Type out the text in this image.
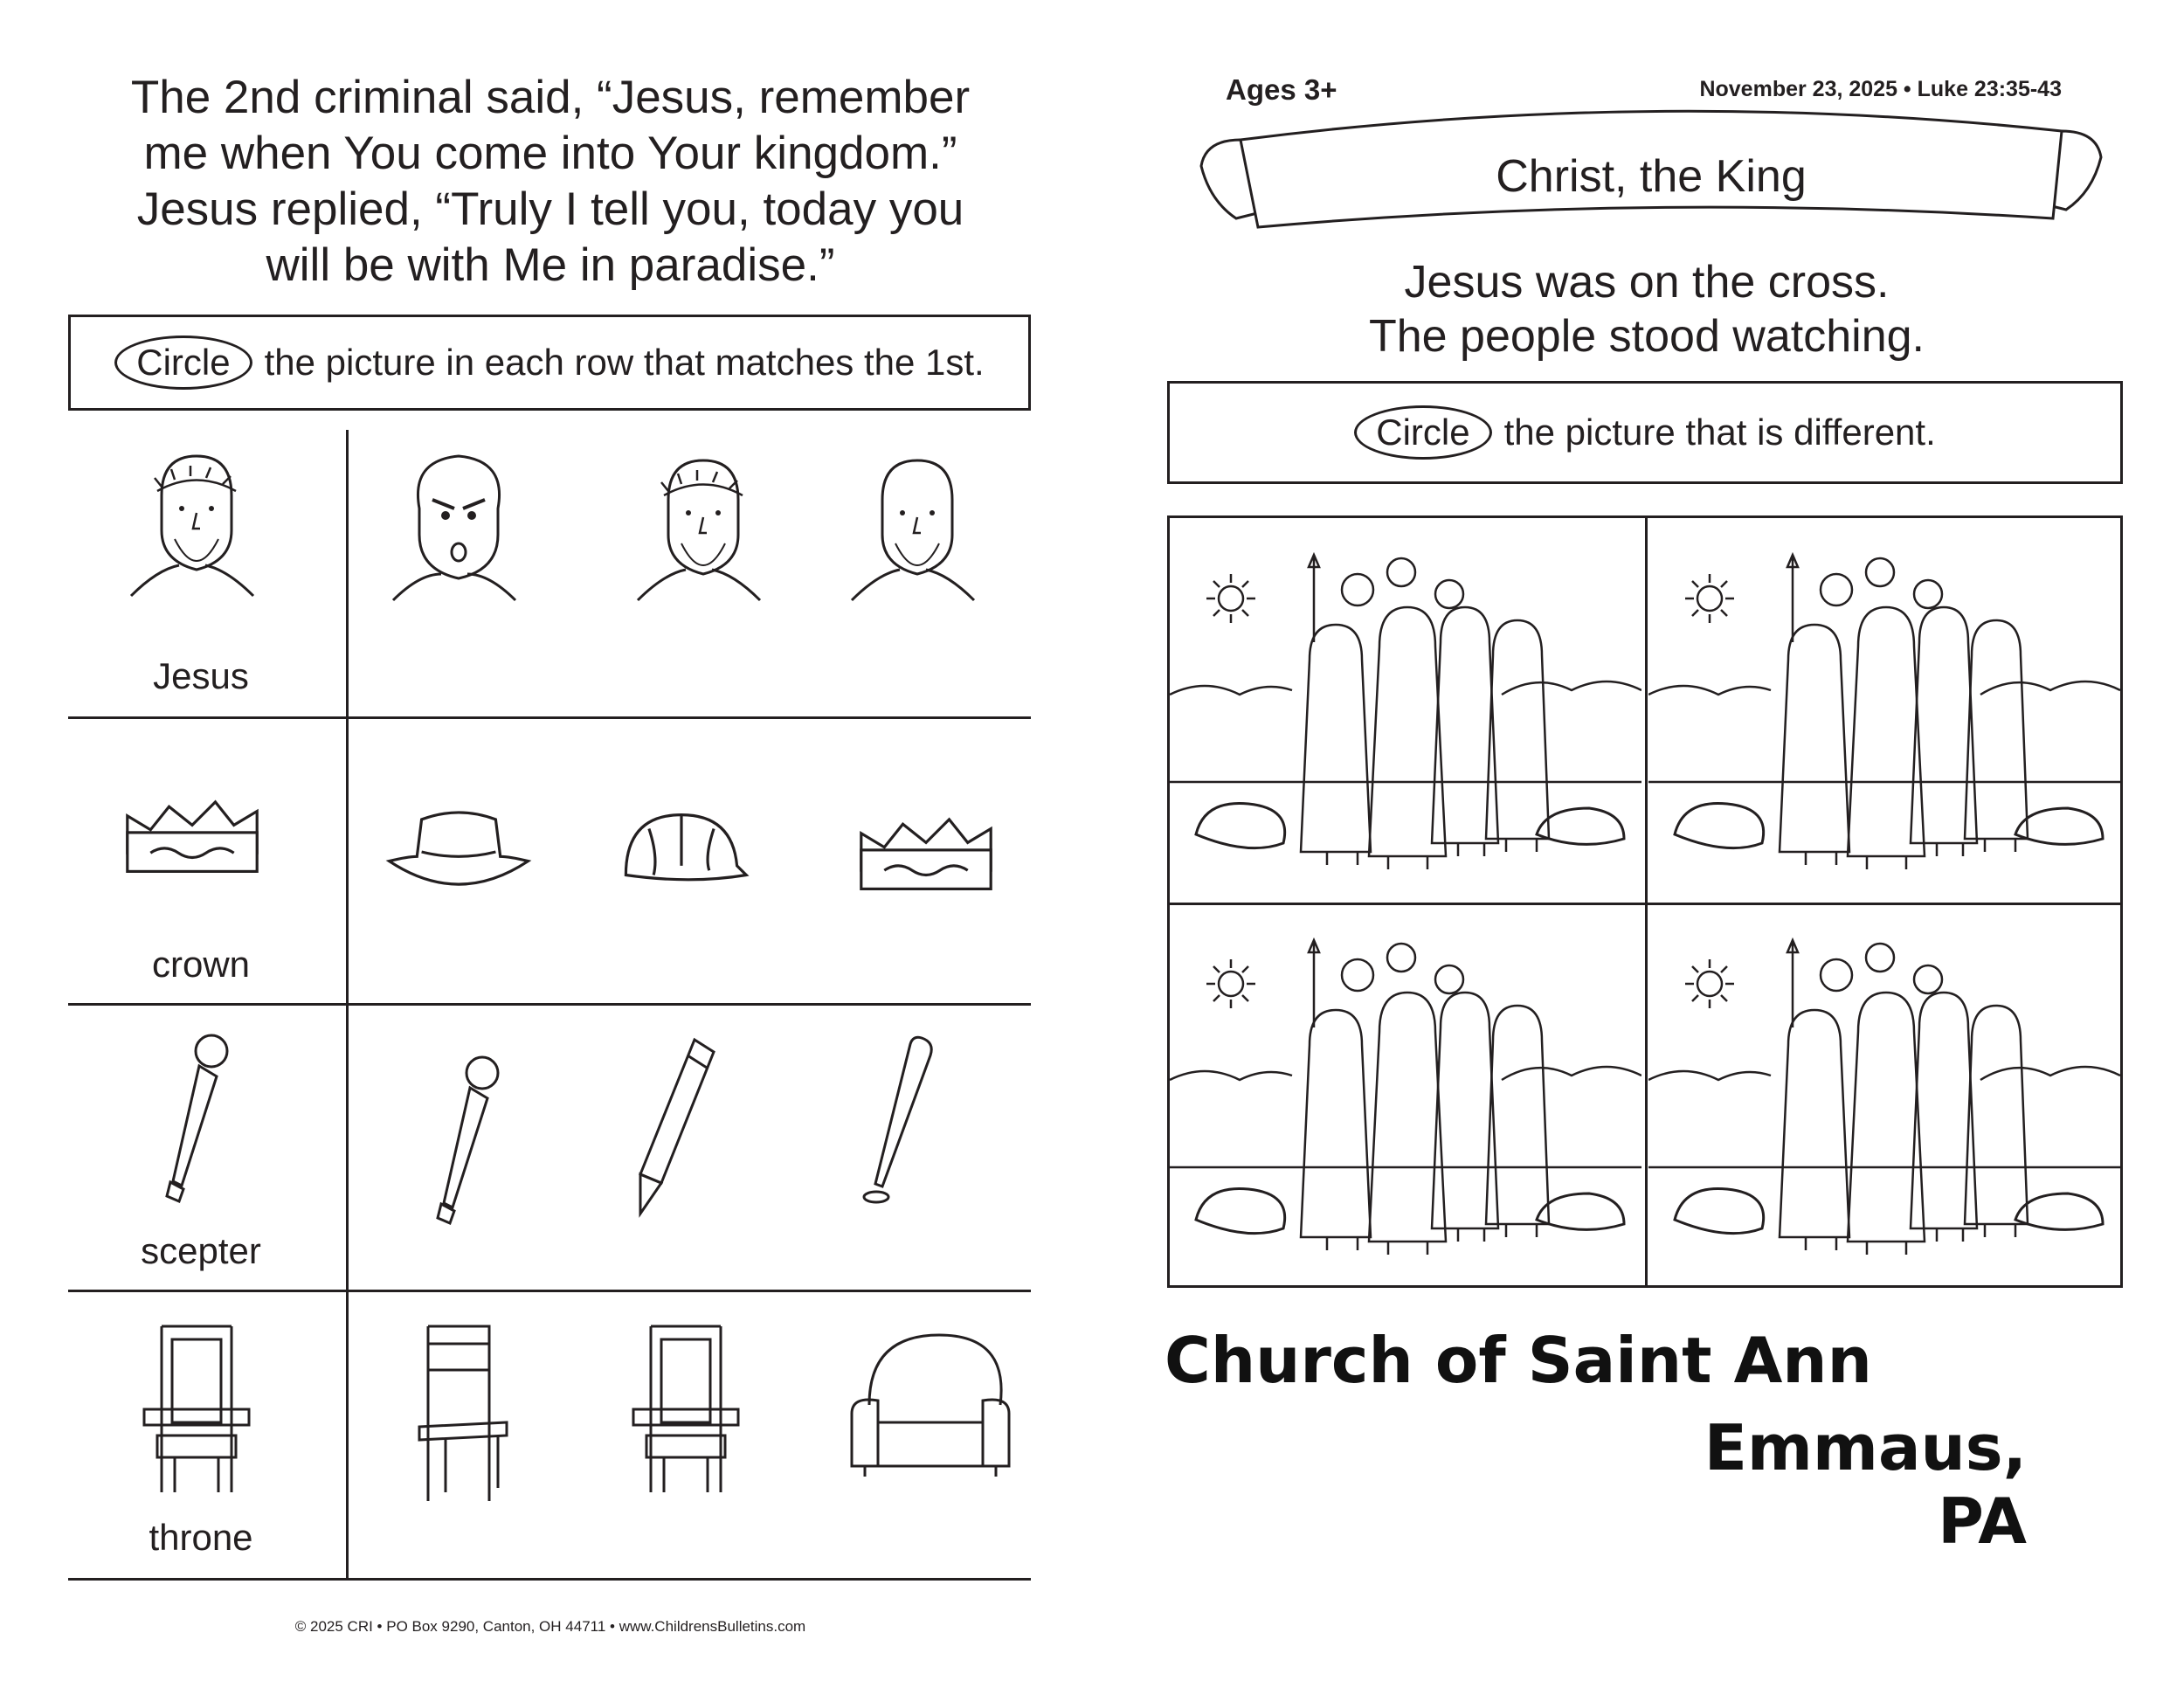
The 2nd criminal said, “Jesus, remember
me when You come into Your kingdom.”
Jesus replied, “Truly I tell you, today you
will be with Me in paradise.”
Circle the picture in each row that matches the 1st.
Jesus
crown
scepter
throne
© 2025 CRI • PO Box 9290, Canton, OH 44711 • www.ChildrensBulletins.com
Ages 3+	November 23, 2025 • Luke 23:35-43
Christ, the King
Jesus was on the cross.
The people stood watching.
Circle the picture that is different.
Church of Saint Ann
Emmaus, PA
